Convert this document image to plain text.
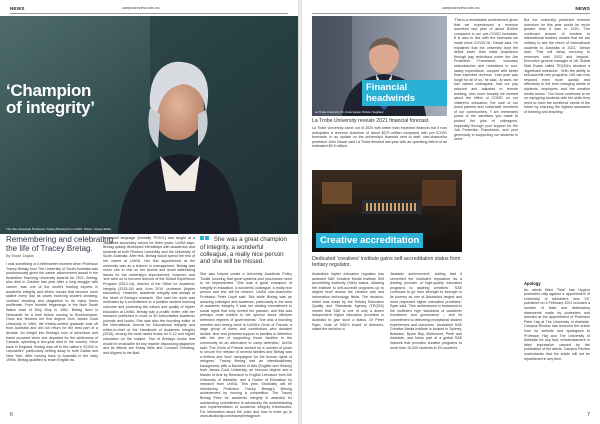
NEWS	campusreview.com.au
‘Champion
of integrity’
The late Associate Professor Tracey Bretag from UniSA. Photo: James Elsby
Remembering and celebrating the life of Tracey Bretag.
By Wade Zaglas
I was something of a bittersweet moment when Professor Tracey Bretag from The University of South Australia was posthumously given the career achievement award in the Australian Teaching University Awards for 2021. Bretag, who died in October last year after a long struggle with cancer, was one of the world's leading experts in academic integrity and ethics: issues that become more salient every day as cases involving student cheating, contract cheating and plagiarism in its many forms proliferate. From humble beginnings in the New South Wales town of Wuy Wuy in 1962, Bretag lived in Newcastle for a time before moving to Rockhampton. Once she finished her first degree from James Cook University in 1984, the freshly-minted graduate took off from Australia and did not return for the best part of a decade. An insight into Bretag's love of adventure and travel occurred when she departed for the wilderness of Canada, spending a two-year stint in the country. Once back in England, Bretag was off to the nation's 33,000 in Lancashire, particularly setting away to both Dallas and New York. After moving back to Australia in the early 1990s, Bretag qualified to teach English as
a second language (formally TESOL) and taught at a Japanese secondary school for three years, UniSA says. Bretag quickly developed friendships with academics and students at both Flinders University and the University of South Australia. After this, Bretag would spend the rest of her career at UniSA. Her first appointment at the university was as a lecturer in management. Bretag was never one to rest on her laurels and avoid addressing issues for the university's improvement, however, and 'she went on to become director of the Global Experience Program (2012-14), director of the Office for Academic Integrity (2015-18) and, from 2019, professor (higher education)'. However, academic integrity was always at the heart of Bretag's research. She said her work was motivated by a commitment to a positive student learning outcome and protecting the values and quality of higher education at UniSA. Bretag was a prolific writer, with her research published in close to 50 authoritative academic journals and books. She was also the founding editor of the International Journal for Educational Integrity and editor-in-chief of the Handbook of Academic Integrity (2016), among the most useful books for K-12 and higher education on the subject. Two of Bretag's books that would be invaluable for any teacher discussing plagiarism and its effects are Essay Mills and Contract Cheating, and Aligned to the Bad.
She was a great champion of integrity, a wonderful colleague, a really nice person and she will be missed.
She also helped create a University Academic Policy Toolkit, knowing that great systems and procedures need to be implemented. 'She was a great champion of integrity in education, a wonderful colleague, a really nice person and she will be missed,' UniSA vice-chancellor Professor Peter Lloyd said. 'But while Bretag was an amazing colleague and academic, particularly in the area of academic integrity, it was her abiding commitment to social rights that truly riveted her passion, and this was perhaps most evident in her opinion about offshore detention regimes of governments.' 'She was a founding member and driving force in UniSA's Circle of Friends, a large group of doers and contributors who donated dollars, time and personal support to families in detention with the aim of supporting those families in the community as an alternative to camp detention,' UniSA said. 'The Circle of Friends worked for a number of years to secure the release of several families and Bretag was a tireless and 'loud' campaigner for the human rights of refugees.' Tracey Bretag had an interdisciplinary background, with a Bachelor of Arts (English and History) from James Cook University, an honours degree and a Master of Arts by Research in English Literature from the University of Adelaide, and a Doctor of Education by research from UniSA. This year, Studiosity will be introducing Professor Tracey Bretag's lifelong achievement by running a competition. The Tracey Bretag Prize for academic integrity is awarded for outstanding commitment to advancing the understanding and implementation of academic integrity frameworks. For information about the prize and how to enter go to www.studiosity.com/traceybretagprize.
6
campusreview.com.au	NEWS
Financial headwinds
La Trobe University VC, Doka Dewar. Picture: Supplied
La Trobe University reveals 2021 financial forecast.
La Trobe University came out of 2020 with better than expected finances but it now anticipates a revenue downturn of about $270 million compared with pre-COVID forecasts. In an update on the university's finances sent to staff, vice-chancellor professor John Dewar said La Trobe finished last year with an operating deficit of an estimated $9.5 million.
'This is a remarkable achievement given that we experienced a revenue downturn last year of about $160m compared to our pre-COVID forecasts. It is also in line with the forecasts we made since COVID hit,' Dewar said. He explained that the university kept the deficit lower than initial projections through pay reductions under the Job Protection Framework, voluntary redundancies and reductions in non-salary expenditure, coupled with better than expected revenue. 'Last year was tough for all of us,' he said. 'At work, we lost valued colleagues, had our pay reduced and adjusted to remote working, and, more broadly we worried about the effect of COVID on our children's education, the care of our loved parents and vulnerable members of our communities. 'I am immensely proud of the sacrifices you made to protect the jobs of colleagues, especially through your support for the Job Protection Framework, and your generosity in supporting our students in need.'
But the university predicted revenue downturn for this year would be much greater than it was in 2020. 'The continued closure of borders to international borders means that we are unlikely to see the return of international students to Australia in 2021,' Dewar said. 'This will delay recovery to revenues until 2023 and beyond.' Executive general manager of UK Global Matt Evans called TEQSA's decision a 'significant milestone'. 'With the ability to self-accredit new programs, UKI can now respond even more quickly and effectively to the ever-changing needs of students, employers and the creative media sector.' 'Our focus continues to be on equipping students with the skills they need to meet the workforce needs of the future by ensuring the highest standards of learning and teaching.'
Creative accreditation
Dedicated 'creatives' institute gains self-accreditation status from tertiary regulator.
Australia's higher education regulator has awarded SAE Creative Media Institute Self Accrediting Authority (SAA) status, allowing the institute to self-accredit programs up to degree level across the creative arts and information technology fields. The decision, which was made by the Tertiary Education Quality and Standards Agency (TEQSA) means that SAE is one of only a dozen independent higher education providers in Australia to gain such a status. Dr Peter Ryan, chair of SAE's board of directors, called the decision a
'fantastic achievement', adding that it cemented the institute's reputation 'as a leading provider of high-quality education programs to aspiring creatives'. 'SAE continues to go from strength to strength in its journey as one of Australia's largest and most respected higher education providers,' Ryan said. 'This achievement is testament to the institute's high standards of academic excellence and governance – and its commitment to delivering exceptional student experiences and outcomes.' Australia's SAE Creative Media Institute is located in Sydney, Brisbane, Byron Bay, Melbourne, Perth and Adelaide, and forms part of a global SAE network that provides creative programs to more than 10,000 students in 25 countries.
Apology
An article titled 'Time' has Uyghur protesters rally against a appointment of University of Adelaide's new VC' published on 6 February 2021 included a number of false and defamatory statements made by protesters and directed at the appointment of Professor Peter Høj at The University of Adelaide. Campus Review has removed the article from its website and apologises to Professor Høj and The University of Adelaide for any hurt, embarrassment or false impression caused by the publication of the article. Campus Review understands that the article will not be republished in any form.
7
